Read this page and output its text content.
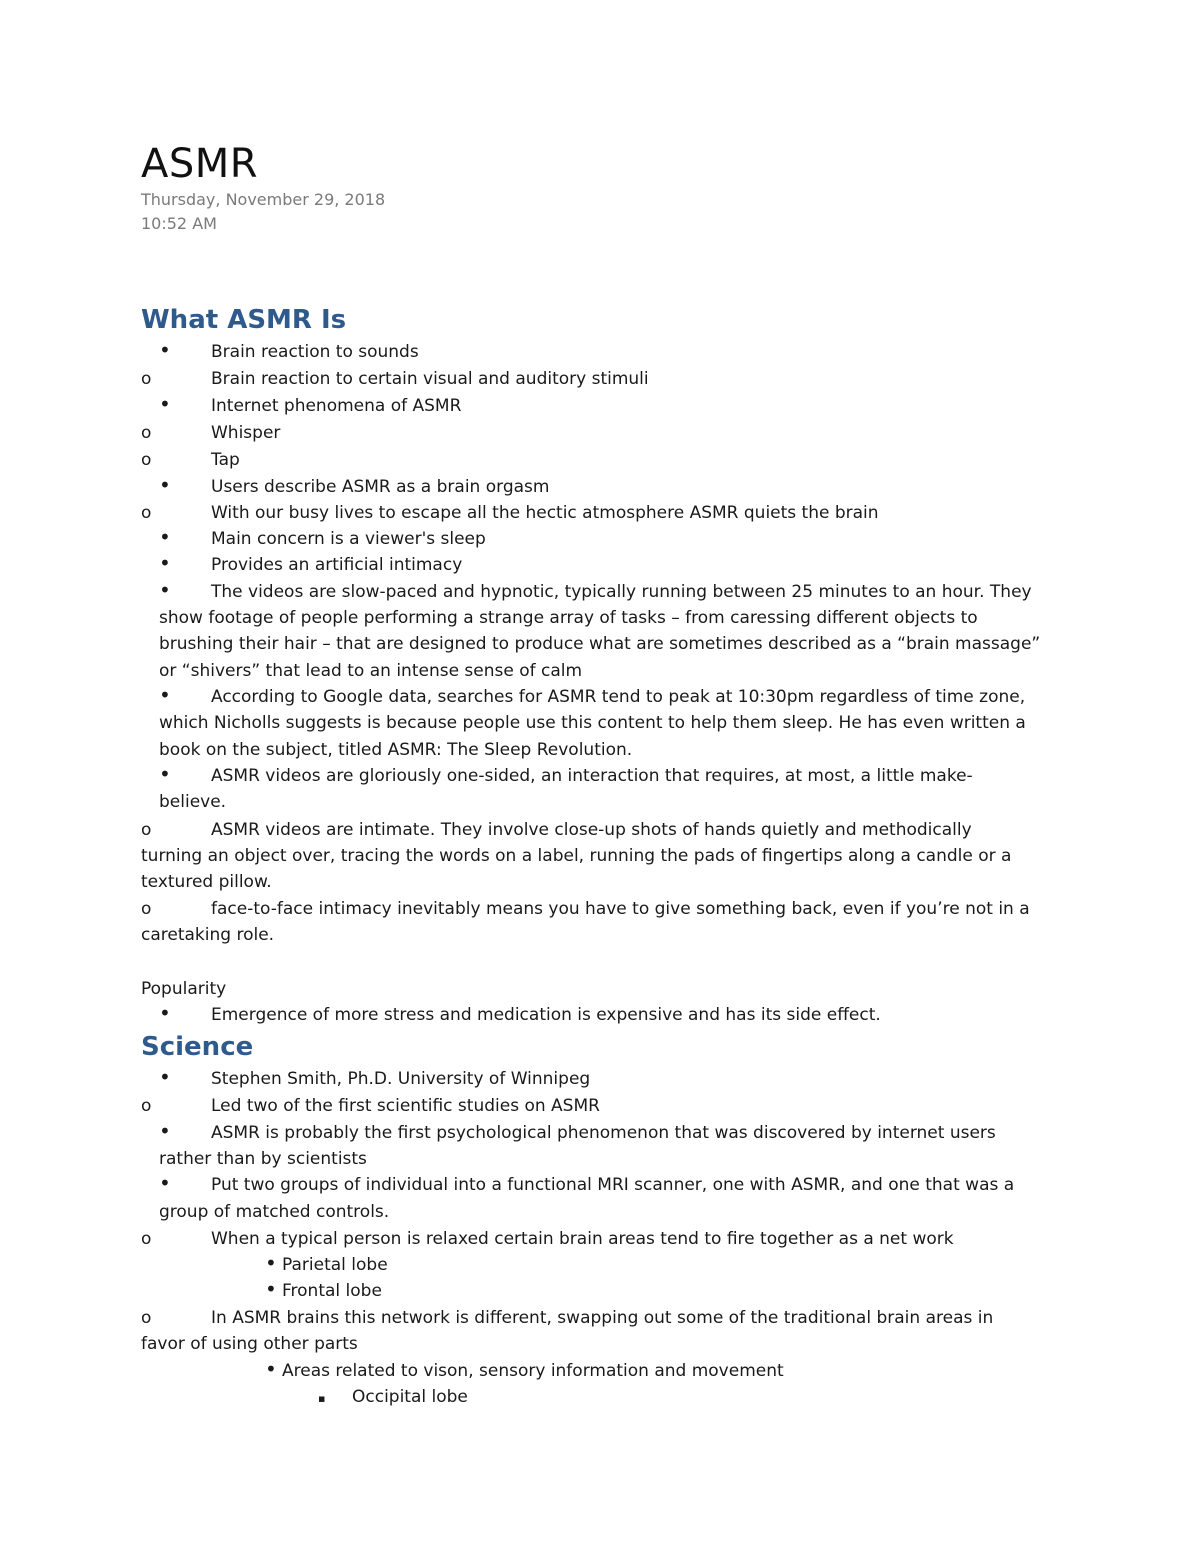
ASMR
Thursday, November 29, 2018
10:52 AM
What ASMR Is
• Brain reaction to sounds
o	Brain reaction to certain visual and auditory stimuli
• Internet phenomena of ASMR
o	Whisper
o	Tap
• Users describe ASMR as a brain orgasm
o	With our busy lives to escape all the hectic atmosphere ASMR quiets the brain
• Main concern is a viewer's sleep
• Provides an artificial intimacy
• The videos are slow-paced and hypnotic, typically running between 25 minutes to an hour. They
show footage of people performing a strange array of tasks – from caressing different objects to
brushing their hair – that are designed to produce what are sometimes described as a “brain massage”
or “shivers” that lead to an intense sense of calm
• According to Google data, searches for ASMR tend to peak at 10:30pm regardless of time zone,
which Nicholls suggests is because people use this content to help them sleep. He has even written a
book on the subject, titled ASMR: The Sleep Revolution.
• ASMR videos are gloriously one-sided, an interaction that requires, at most, a little make-
believe.
o	ASMR videos are intimate. They involve close-up shots of hands quietly and methodically
turning an object over, tracing the words on a label, running the pads of fingertips along a candle or a
textured pillow.
o	face-to-face intimacy inevitably means you have to give something back, even if you’re not in a
caretaking role.
Popularity
• Emergence of more stress and medication is expensive and has its side effect.
Science
• Stephen Smith, Ph.D. University of Winnipeg
o	Led two of the first scientific studies on ASMR
• ASMR is probably the first psychological phenomenon that was discovered by internet users
rather than by scientists
• Put two groups of individual into a functional MRI scanner, one with ASMR, and one that was a
group of matched controls.
o	When a typical person is relaxed certain brain areas tend to fire together as a net work
• Parietal lobe
• Frontal lobe
o	In ASMR brains this network is different, swapping out some of the traditional brain areas in
favor of using other parts
• Areas related to vison, sensory information and movement
▪ Occipital lobe
